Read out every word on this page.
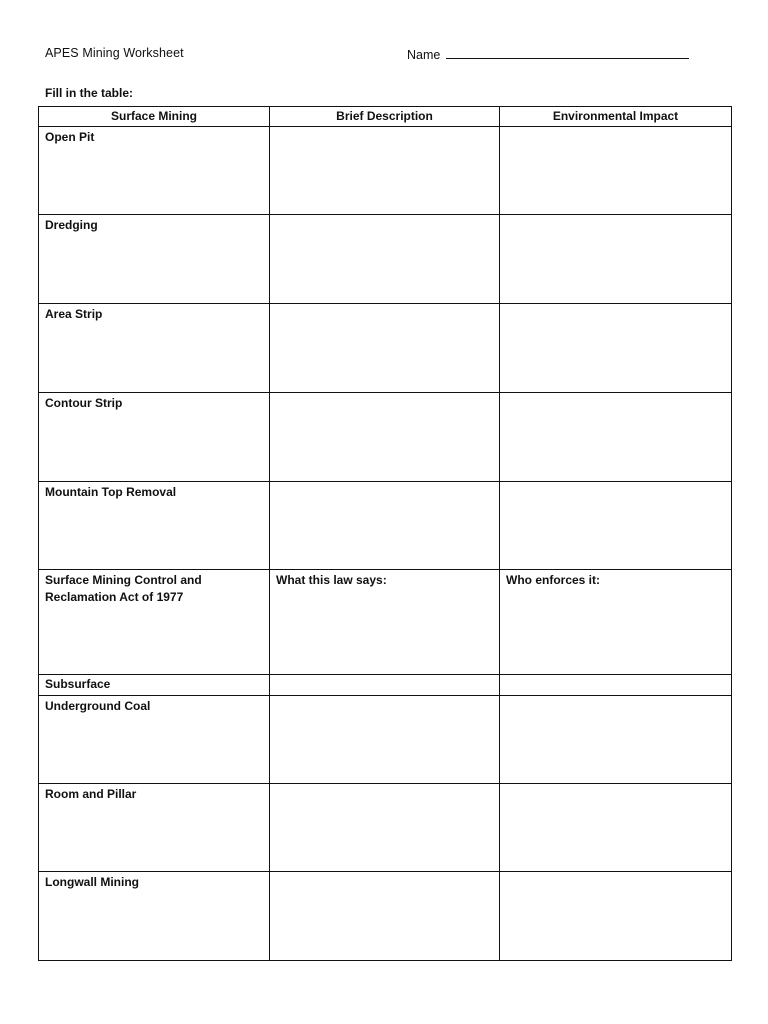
APES Mining Worksheet	Name
Fill in the table:
Surface Mining	Brief Description	Environmental Impact
Open Pit		
Dredging		
Area Strip		
Contour Strip		
Mountain Top Removal		

Surface Mining Control and
Reclamation Act of 1977	What this law says:	Who enforces it:
Subsurface		
Underground Coal		
Room and Pillar		
Longwall Mining		
